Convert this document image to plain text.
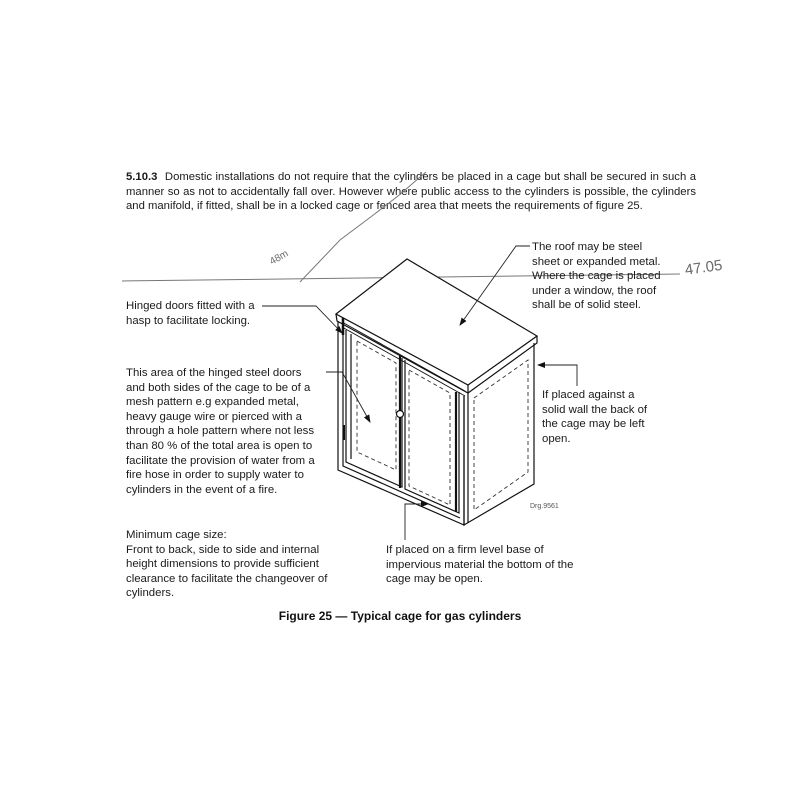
5.10.3 Domestic installations do not require that the cylinders be placed in a cage but shall be secured in such a manner so as not to accidentally fall over. However where public access to the cylinders is possible, the cylinders and manifold, if fitted, shall be in a locked cage or fenced area that meets the requirements of figure 25.
48m	47.05
The roof may be steel
sheet or expanded metal.
Where the cage is placed
under a window, the roof
shall be of solid steel.
Hinged doors fitted with a
hasp to facilitate locking.
This area of the hinged steel doors
and both sides of the cage to be of a
mesh pattern e.g expanded metal,
heavy gauge wire or pierced with a
through a hole pattern where not less
than 80 % of the total area is open to
facilitate the provision of water from a
fire hose in order to supply water to
cylinders in the event of a fire.
If placed against a
solid wall the back of
the cage may be left
open.
Minimum cage size:
Front to back, side to side and internal
height dimensions to provide sufficient
clearance to facilitate the changeover of
cylinders.
If placed on a firm level base of
impervious material the bottom of the
cage may be open.
Drg.9561
Figure 25 — Typical cage for gas cylinders
